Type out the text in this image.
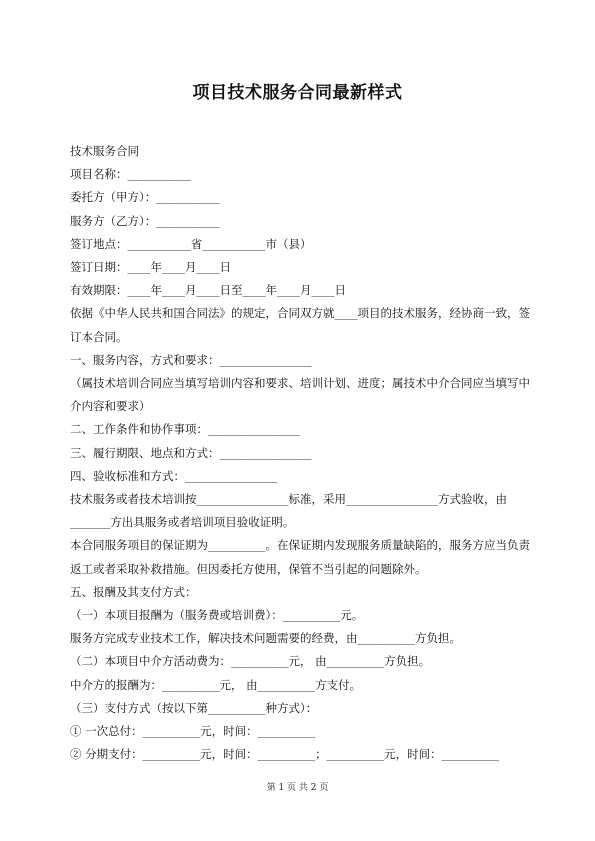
项目技术服务合同最新样式
技术服务合同
项目名称：___________
委托方（甲方）：___________
服务方（乙方）：___________
签订地点：___________省___________市（县）
签订日期：____年____月____日
有效期限：____年____月____日至____年____月____日
依据《中华人民共和国合同法》的规定，合同双方就____项目的技术服务，经协商一致，签订本合同。
一、服务内容，方式和要求：________________
（属技术培训合同应当填写培训内容和要求、培训计划、进度；属技术中介合同应当填写中介内容和要求）
二、工作条件和协作事项：________________
三、履行期限、地点和方式：________________
四、验收标准和方式：________________
技术服务或者技术培训按________________标准，采用________________方式验收，由_______方出具服务或者培训项目验收证明。
本合同服务项目的保证期为__________。在保证期内发现服务质量缺陷的，服务方应当负责返工或者采取补救措施。但因委托方使用，保管不当引起的问题除外。
五、报酬及其支付方式：
（一）本项目报酬为（服务费或培训费）：__________元。
服务方完成专业技术工作，解决技术问题需要的经费，由__________方负担。
（二）本项目中介方活动费为：__________元， 由__________方负担。
中介方的报酬为：__________元， 由__________方支付。
（三）支付方式（按以下第__________种方式）：
① 一次总付：__________元，时间：__________
② 分期支付：__________元，时间：__________；__________元，时间：__________
第 1 页 共 2 页
